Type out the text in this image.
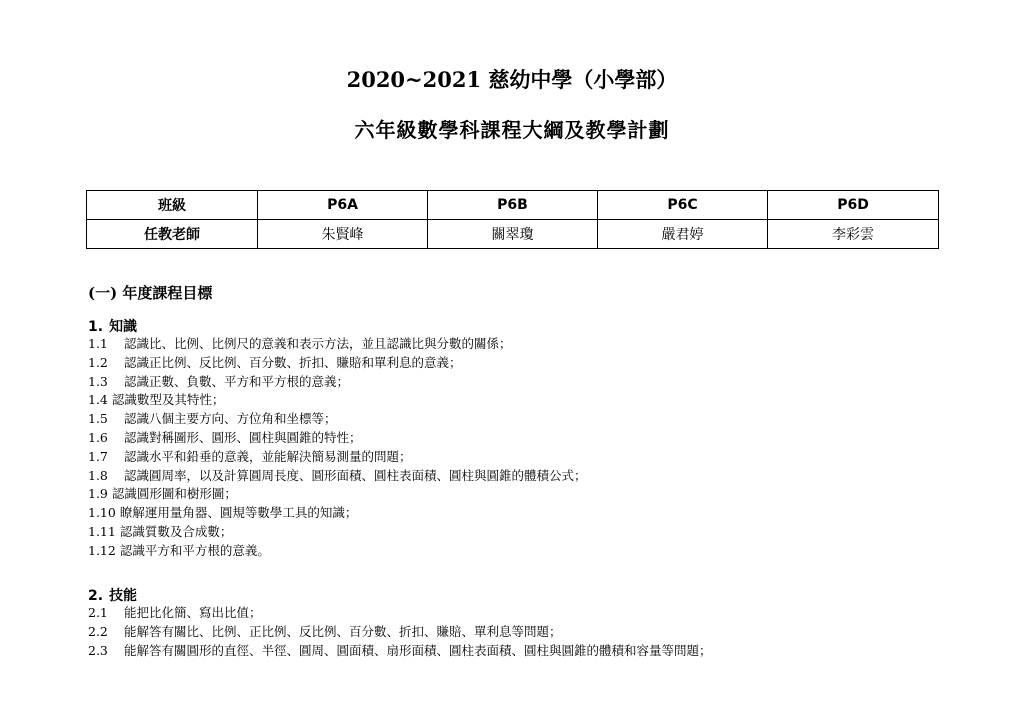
2020~2021 慈幼中學（小學部）
六年級數學科課程大綱及教學計劃
班級	P6A	P6B	P6C	P6D
任教老師	朱賢峰	關翠瓊	嚴君婷	李彩雲
(一) 年度課程目標
1. 知識
1.1 認識比、比例、比例尺的意義和表示方法，並且認識比與分數的關係；
1.2 認識正比例、反比例、百分數、折扣、賺賠和單利息的意義；
1.3 認識正數、負數、平方和平方根的意義；
1.4 認識數型及其特性；
1.5 認識八個主要方向、方位角和坐標等；
1.6 認識對稱圖形、圓形、圓柱與圓錐的特性；
1.7 認識水平和鉛垂的意義，並能解決簡易測量的問題；
1.8 認識圓周率，以及計算圓周長度、圓形面積、圓柱表面積、圓柱與圓錐的體積公式；
1.9 認識圓形圖和樹形圖；
1.10 瞭解運用量角器、圓規等數學工具的知識；
1.11 認識質數及合成數；
1.12 認識平方和平方根的意義。
2. 技能
2.1 能把比化簡、寫出比值；
2.2 能解答有關比、比例、正比例、反比例、百分數、折扣、賺賠、單利息等問題；
2.3 能解答有關圓形的直徑、半徑、圓周、圓面積、扇形面積、圓柱表面積、圓柱與圓錐的體積和容量等問題；
